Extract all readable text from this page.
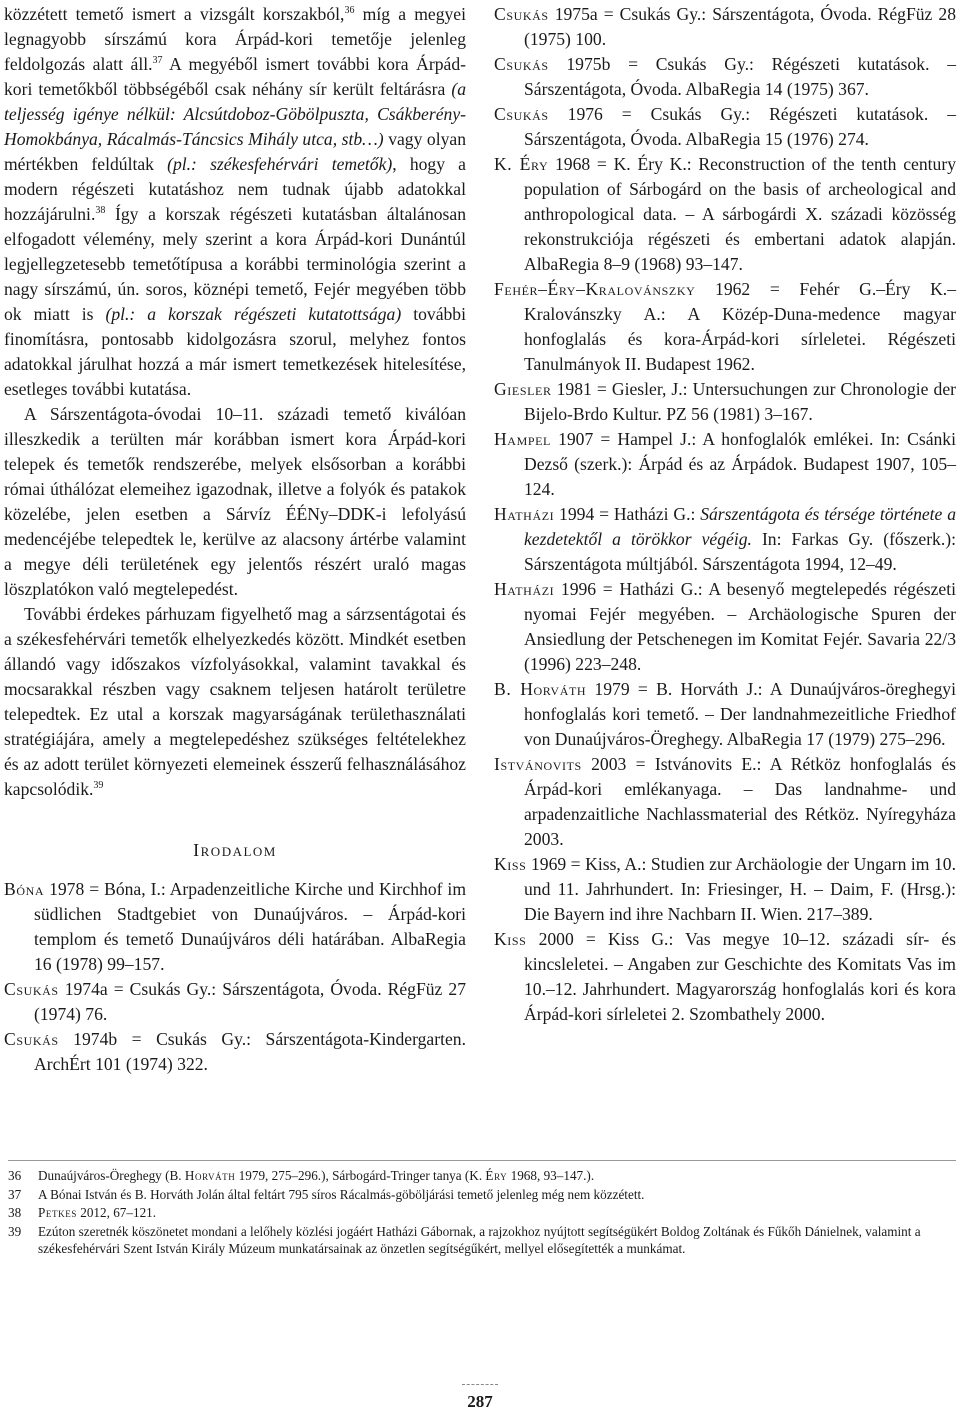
közzétett temető ismert a vizsgált korszakból,$^{36}$ míg a megyei legnagyobb sírszámú kora Árpád-kori temetője jelenleg feldolgozás alatt áll.$^{37}$ A megyéből ismert további kora Árpád-kori temetőkből többségéből csak néhány sír került feltárásra (a teljesség igénye nélkül: Alcsútdoboz-Göbölpuszta, Csákberény-Homokbánya, Rácalmás-Táncsics Mihály utca, stb…) vagy olyan mértékben feldúltak (pl.: székesfehérvári temetők), hogy a modern régészeti kutatáshoz nem tudnak újabb adatokkal hozzájárulni.$^{38}$ Így a korszak régészeti kutatásban általánosan elfogadott vélemény, mely szerint a kora Árpád-kori Dunántúl legjellegzetesebb temetőtípusa a korábbi terminológia szerint a nagy sírszámú, ún. soros, köznépi temető, Fejér megyében több ok miatt is (pl.: a korszak régészeti kutatottsága) további finomításra, pontosabb kidolgozásra szorul, melyhez fontos adatokkal járulhat hozzá a már ismert temetkezések hitelesítése, esetleges további kutatása.

A Sárszentágota-óvodai 10–11. századi temető kiválóan illeszkedik a terülten már korábban ismert kora Árpád-kori telepek és temetők rendszerébe, melyek elsősorban a korábbi római úthálózat elemeihez igazodnak, illetve a folyók és patakok közelébe, jelen esetben a Sárvíz ÉÉNy–DDK-i lefolyású medencéjébe telepedtek le, kerülve az alacsony ártérbe valamint a megye déli területének egy jelentős részért uraló magas löszplatókon való megtelepedést.

További érdekes párhuzam figyelhető mag a sárzsentágotai és a székesfehérvári temetők elhelyezkedés között. Mindkét esetben állandó vagy időszakos vízfolyásokkal, valamint tavakkal és mocsarakkal részben vagy csaknem teljesen határolt területre telepedtek. Ez utal a korszak magyarságának területhasználati stratégiájára, amely a megtelepedéshez szükséges feltételekhez és az adott terület környezeti elemeinek ésszerű felhasználásához kapcsolódik.$^{39}$

Irodalom

Bóna 1978 = Bóna, I.: Arpadenzeitliche Kirche und Kirchhof im südlichen Stadtgebiet von Dunaújváros. – Árpád-kori templom és temető Dunaújváros déli határában. AlbaRegia 16 (1978) 99–157.

Csukás 1974a = Csukás Gy.: Sárszentágota, Óvoda. RégFüz 27 (1974) 76.

Csukás 1974b = Csukás Gy.: Sárszentágota-Kindergarten. ArchÉrt 101 (1974) 322.

Csukás 1975a = Csukás Gy.: Sárszentágota, Óvoda. RégFüz 28 (1975) 100.

Csukás 1975b = Csukás Gy.: Régészeti kutatások. – Sárszentágota, Óvoda. AlbaRegia 14 (1975) 367.

Csukás 1976 = Csukás Gy.: Régészeti kutatások. – Sárszentágota, Óvoda. AlbaRegia 15 (1976) 274.

K. Éry 1968 = K. Éry K.: Reconstruction of the tenth century population of Sárbogárd on the basis of archeological and anthropological data. – A sárbogárdi X. századi közösség rekonstrukciója régészeti és embertani adatok alapján. AlbaRegia 8–9 (1968) 93–147.

Fehér–Éry–Kralovánszky 1962 = Fehér G.–Éry K.–Kralovánszky A.: A Közép-Duna-medence magyar honfoglalás és kora-Árpád-kori sírleletei. Régészeti Tanulmányok II. Budapest 1962.

Giesler 1981 = Giesler, J.: Untersuchungen zur Chronologie der Bijelo-Brdo Kultur. PZ 56 (1981) 3–167.

Hampel 1907 = Hampel J.: A honfoglalók emlékei. In: Csánki Dezső (szerk.): Árpád és az Árpádok. Budapest 1907, 105–124.

Hatházi 1994 = Hatházi G.: Sárszentágota és térsége története a kezdetektől a törökkor végéig. In: Farkas Gy. (főszerk.): Sárszentágota múltjából. Sárszentágota 1994, 12–49.

Hatházi 1996 = Hatházi G.: A besenyő megtelepedés régészeti nyomai Fejér megyében. – Archäologische Spuren der Ansiedlung der Petschenegen im Komitat Fejér. Savaria 22/3 (1996) 223–248.

B. Horváth 1979 = B. Horváth J.: A Dunaújváros-öreghegyi honfoglalás kori temető. – Der landnahmezeitliche Friedhof von Dunaújváros-Öreghegy. AlbaRegia 17 (1979) 275–296.

Istvánovits 2003 = Istvánovits E.: A Rétköz honfoglalás és Árpád-kori emlékanyaga. – Das landnahme- und arpadenzaitliche Nachlassmaterial des Rétköz. Nyíregyháza 2003.

Kiss 1969 = Kiss, A.: Studien zur Archäologie der Ungarn im 10. und 11. Jahrhundert. In: Friesinger, H. – Daim, F. (Hrsg.): Die Bayern ind ihre Nachbarn II. Wien. 217–389.

Kiss 2000 = Kiss G.: Vas megye 10–12. századi sír- és kincsleletei. – Angaben zur Geschichte des Komitats Vas im 10.–12. Jahrhundert. Magyarország honfoglalás kori és kora Árpád-kori sírleletei 2. Szombathely 2000.

36	Dunaújváros-Öreghegy (B. Horváth 1979, 275–296.), Sárbogárd-Tringer tanya (K. Éry 1968, 93–147.).
37	A Bónai István és B. Horváth Jolán által feltárt 795 síros Rácalmás-göböljárási temető jelenleg még nem közzétett.
38	Petkes 2012, 67–121.
39	Ezúton szeretnék köszönetet mondani a lelőhely közlési jogáért Hatházi Gábornak, a rajzokhoz nyújtott segítségükért Boldog Zoltának és Fűkőh Dánielnek, valamint a székesfehérvári Szent István Király Múzeum munkatársainak az önzetlen segítségűkért, mellyel elősegítették a munkámat.
287
